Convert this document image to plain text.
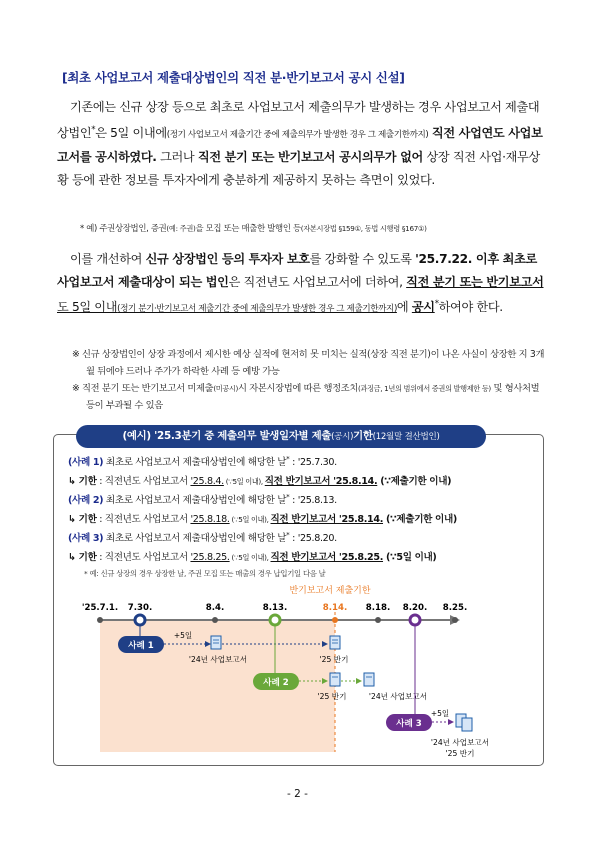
[최초 사업보고서 제출대상법인의 직전 분·반기보고서 공시 신설]

기존에는 신규 상장 등으로 최초로 사업보고서 제출의무가 발생하는 경우 사업보고서 제출대상법인*은 5일 이내에(정기 사업보고서 제출기간 중에 제출의무가 발생한 경우 그 제출기한까지) 직전 사업연도 사업보고서를 공시하였다. 그러나 직전 분기 또는 반기보고서 공시의무가 없어 상장 직전 사업·재무상황 등에 관한 정보를 투자자에게 충분하게 제공하지 못하는 측면이 있었다.

* 예) 주권상장법인, 증권(예: 주권)을 모집 또는 매출한 발행인 등(자본시장법 §159①, 동법 시행령 §167①)

이를 개선하여 신규 상장법인 등의 투자자 보호를 강화할 수 있도록 '25.7.22. 이후 최초로 사업보고서 제출대상이 되는 법인은 직전년도 사업보고서에 더하여, 직전 분기 또는 반기보고서도 5일 이내(정기 분기·반기보고서 제출기간 중에 제출의무가 발생한 경우 그 제출기한까지)에 공시*하여야 한다.

※ 신규 상장법인이 상장 과정에서 제시한 예상 실적에 현저히 못 미치는 실적(상장 직전 분기)이 나온 사실이 상장한 지 3개월 뒤에야 드러나 주가가 하락한 사례 등 예방 가능
※ 직전 분기 또는 반기보고서 미제출(미공시)시 자본시장법에 따른 행정조치(과징금, 1년의 범위에서 증권의 발행제한 등) 및 형사처벌 등이 부과될 수 있음
(예시) '25.3분기 중 제출의무 발생일자별 제출(공시)기한(12월말 결산법인)
(사례 1) 최초로 사업보고서 제출대상법인에 해당한 날* : '25.7.30.
↳ 기한 : 직전년도 사업보고서 '25.8.4. (∵5일 이내), 직전 반기보고서 '25.8.14. (∵제출기한 이내)
(사례 2) 최초로 사업보고서 제출대상법인에 해당한 날* : '25.8.13.
↳ 기한 : 직전년도 사업보고서 '25.8.18. (∵5일 이내), 직전 반기보고서 '25.8.14. (∵제출기한 이내)
(사례 3) 최초로 사업보고서 제출대상법인에 해당한 날* : '25.8.20.
↳ 기한 : 직전년도 사업보고서 '25.8.25. (∵5일 이내), 직전 반기보고서 '25.8.25. (∵5일 이내)
* 예: 신규 상장의 경우 상장한 날, 주권 모집 또는 매출의 경우 납입기일 다음 날
반기보고서 제출기한
'25.7.1. 7.30.	8.4.	8.13.	8.14. 8.18. 8.20. 8.25.
사례 1
+5일
'24년 사업보고서	'25 반기
사례 2
'25 반기	'24년 사업보고서
사례 3
+5일
'24년 사업보고서
'25 반기
- 2 -
